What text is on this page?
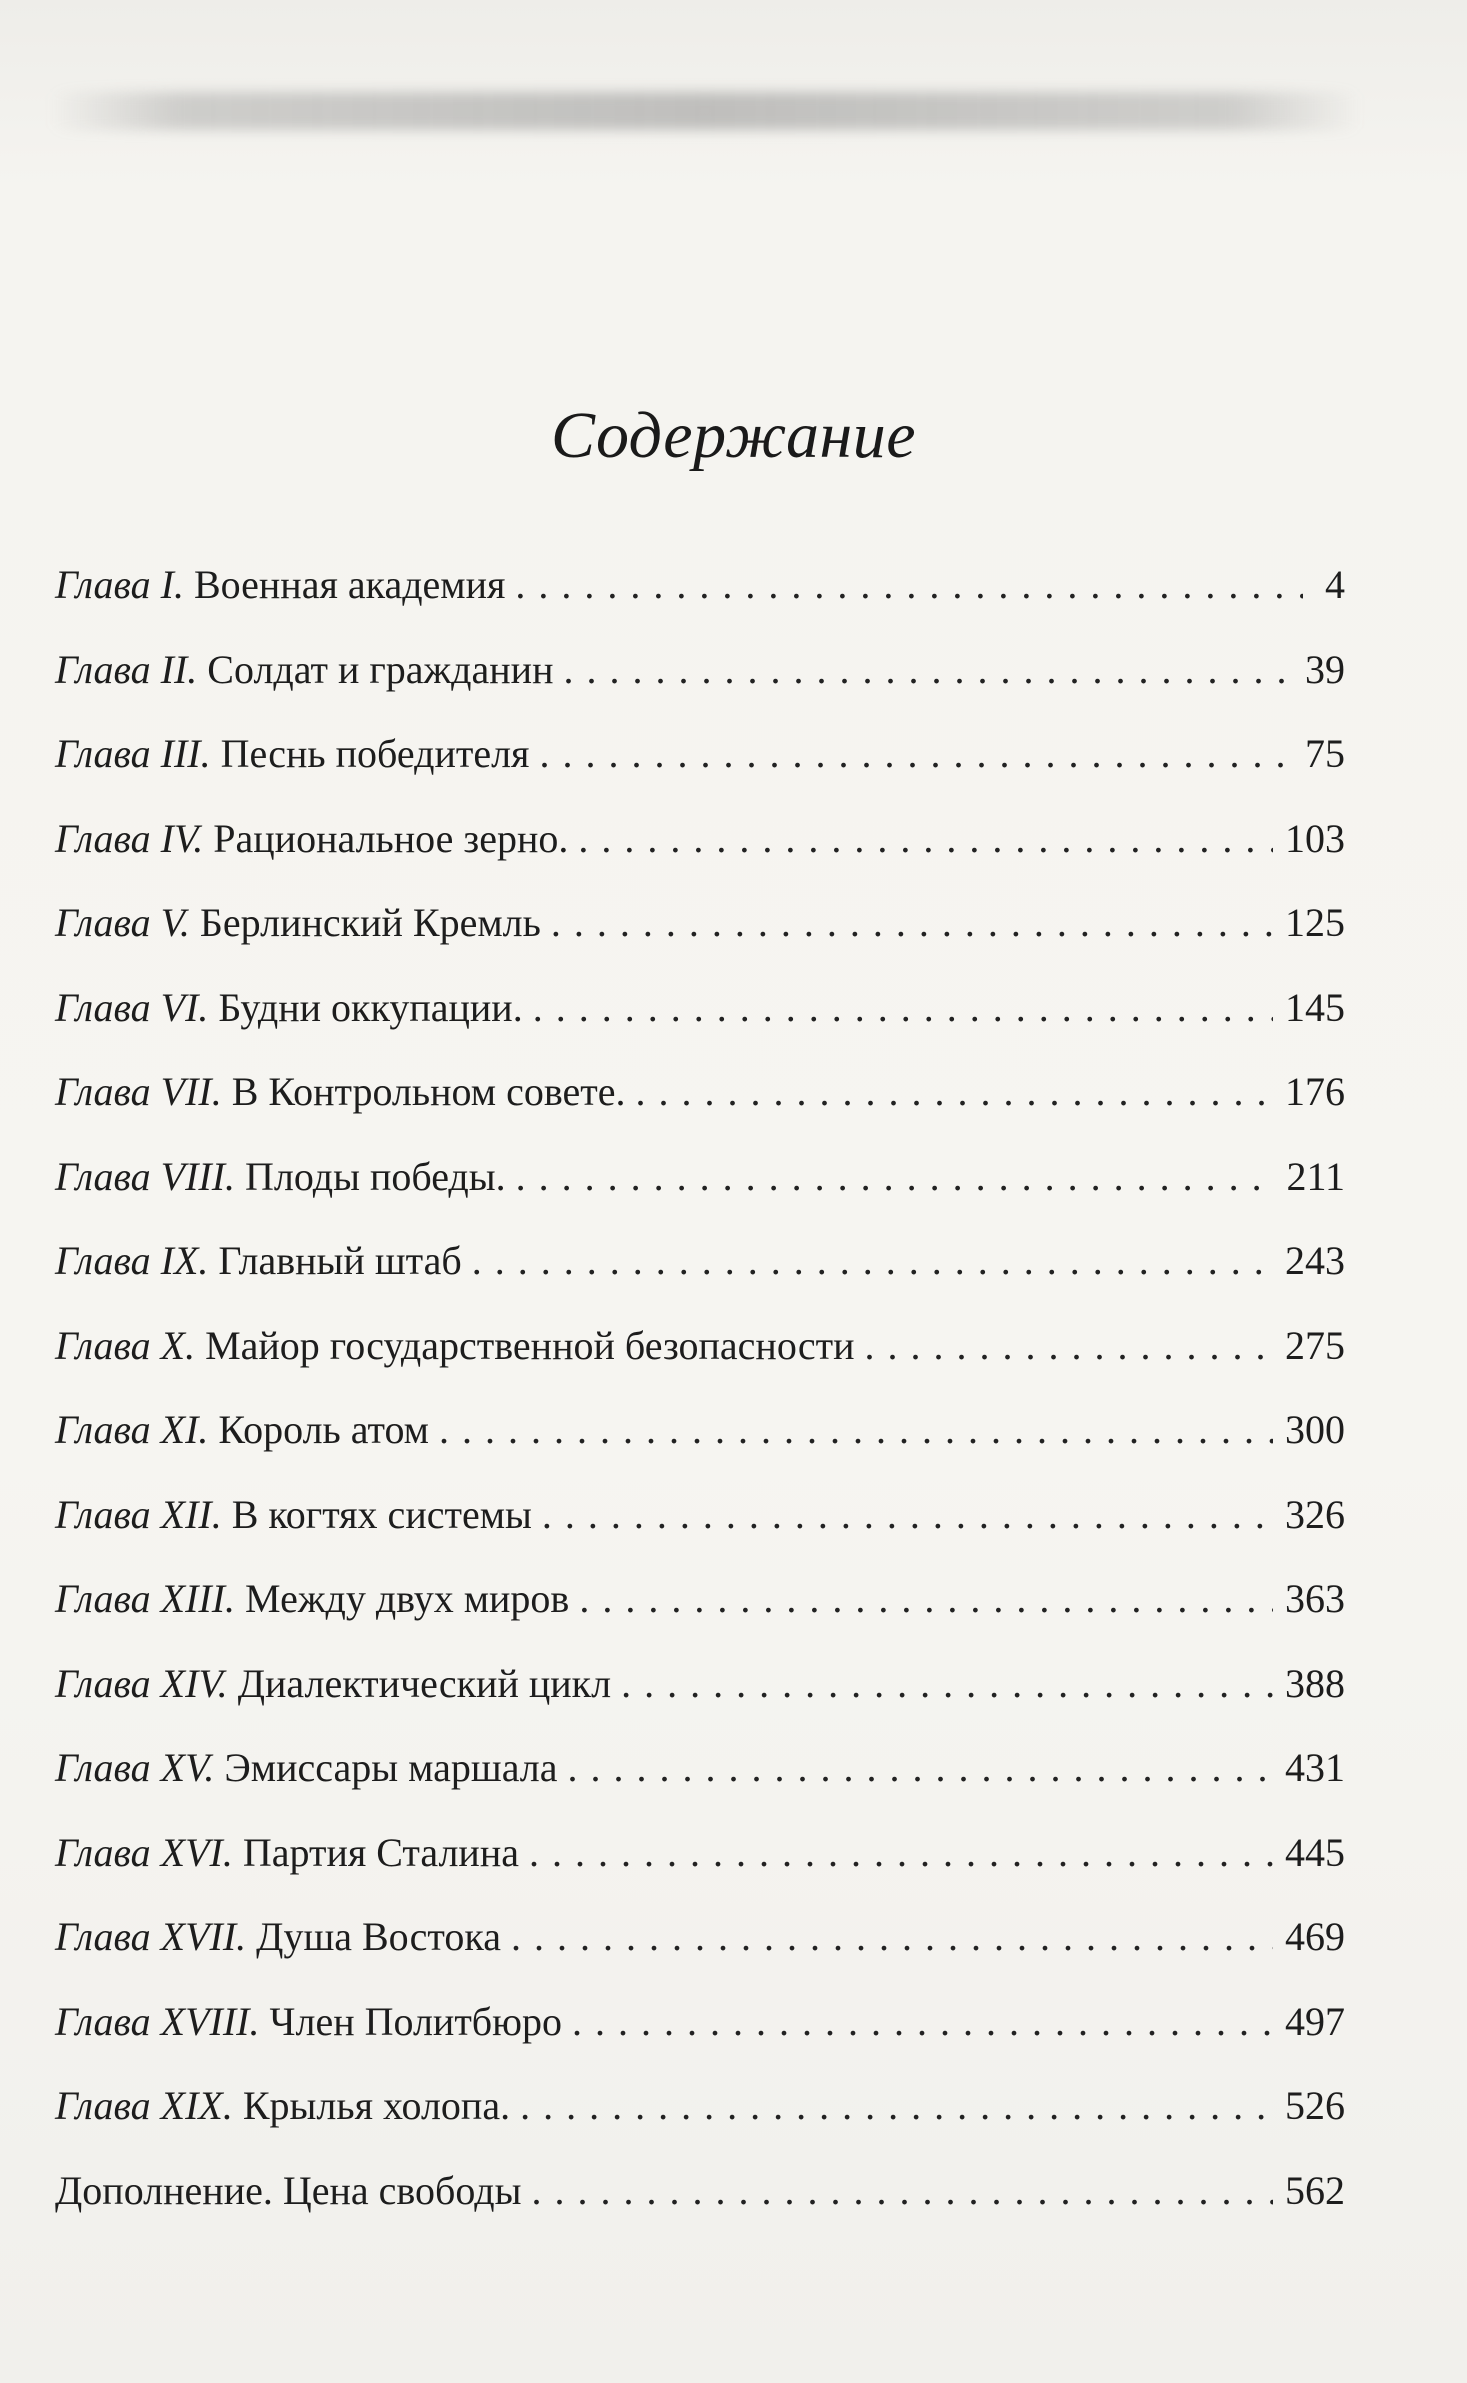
Содержание
Глава I. Военная академия . . .	4
Глава II. Солдат и гражданин . . .	39
Глава III. Песнь победителя . . .	75
Глава IV. Рациональное зерно. . . .	103
Глава V. Берлинский Кремль . . .	125
Глава VI. Будни оккупации. . . .	145
Глава VII. В Контрольном совете. . . .	176
Глава VIII. Плоды победы. . . .	211
Глава IX. Главный штаб . . .	243
Глава X. Майор государственной безопасности . . .	275
Глава XI. Король атом . . .	300
Глава XII. В когтях системы . . .	326
Глава XIII. Между двух миров . . .	363
Глава XIV. Диалектический цикл . . .	388
Глава XV. Эмиссары маршала . . .	431
Глава XVI. Партия Сталина . . .	445
Глава XVII. Душа Востока . . .	469
Глава XVIII. Член Политбюро . . .	497
Глава XIX. Крылья холопа. . . .	526
Дополнение. Цена свободы . . .	562
